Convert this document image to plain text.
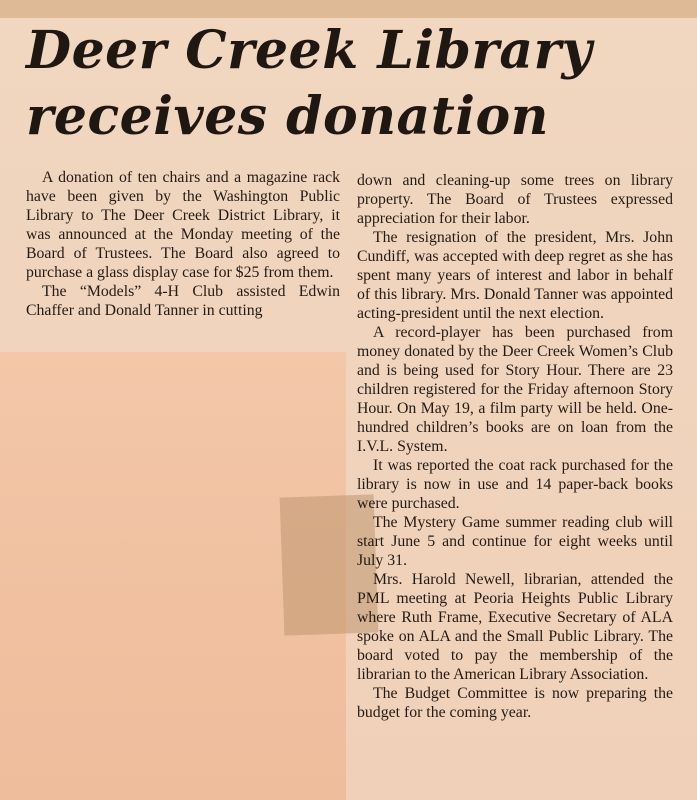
Deer Creek Library
receives donation

A donation of ten chairs and a magazine rack have been given by the Washington Public Library to The Deer Creek District Library, it was announced at the Monday meeting of the Board of Trustees. The Board also agreed to purchase a glass display case for $25 from them.

The “Models” 4-H Club assisted Edwin Chaffer and Donald Tanner in cutting

down and cleaning-up some trees on library property. The Board of Trustees expressed appreciation for their labor.

The resignation of the president, Mrs. John Cundiff, was accepted with deep regret as she has spent many years of interest and labor in behalf of this library. Mrs. Donald Tanner was appointed acting-president until the next election.

A record-player has been purchased from money donated by the Deer Creek Women’s Club and is being used for Story Hour. There are 23 children registered for the Friday afternoon Story Hour. On May 19, a film party will be held. One-hundred children’s books are on loan from the I.V.L. System.

It was reported the coat rack purchased for the library is now in use and 14 paper-back books were purchased.

The Mystery Game summer reading club will start June 5 and continue for eight weeks until July 31.

Mrs. Harold Newell, librarian, attended the PML meeting at Peoria Heights Public Library where Ruth Frame, Executive Secretary of ALA spoke on ALA and the Small Public Library. The board voted to pay the membership of the librarian to the American Library Association.

The Budget Committee is now preparing the budget for the coming year.
